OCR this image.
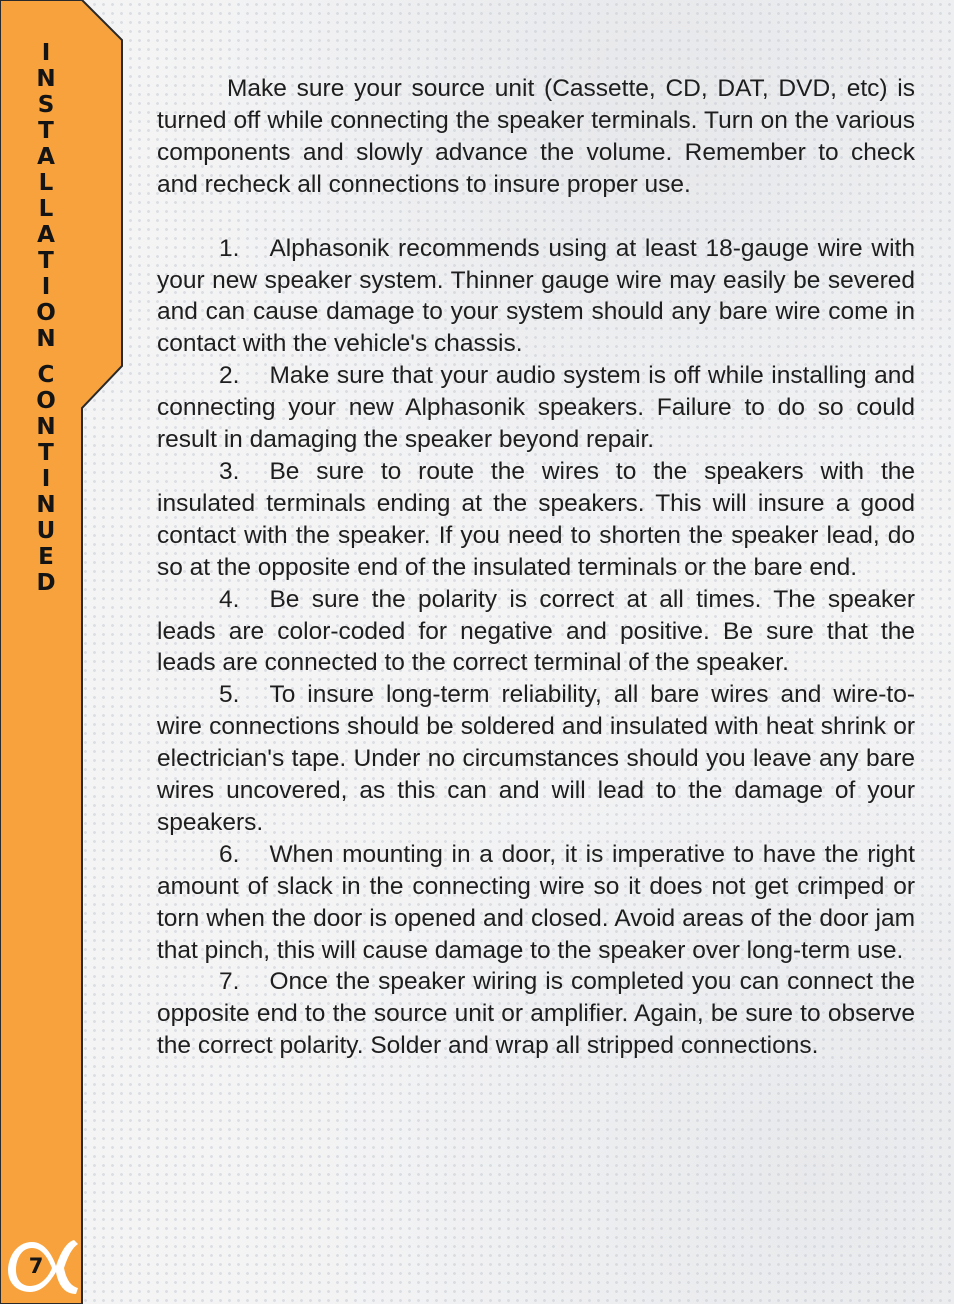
I
N
S
T
A
L
L
A
T
I
O
N
C
O
N
T
I
N
U
E
D
7

Make sure your source unit (Cassette, CD, DAT, DVD, etc) is turned off while connecting the speaker terminals. Turn on the various components and slowly advance the volume. Remember to check and recheck all connections to insure proper use.

1. Alphasonik recommends using at least 18-gauge wire with your new speaker system. Thinner gauge wire may easily be severed and can cause damage to your system should any bare wire come in contact with the vehicle's chassis.

2. Make sure that your audio system is off while installing and connecting your new Alphasonik speakers. Failure to do so could result in damaging the speaker beyond repair.

3. Be sure to route the wires to the speakers with the insulated terminals ending at the speakers. This will insure a good contact with the speaker. If you need to shorten the speaker lead, do so at the opposite end of the insulated terminals or the bare end.

4. Be sure the polarity is correct at all times. The speaker leads are color-coded for negative and positive. Be sure that the leads are connected to the correct terminal of the speaker.

5. To insure long-term reliability, all bare wires and wire-to-wire connections should be soldered and insulated with heat shrink or electrician's tape. Under no circumstances should you leave any bare wires uncovered, as this can and will lead to the damage of your speakers.

6. When mounting in a door, it is imperative to have the right amount of slack in the connecting wire so it does not get crimped or torn when the door is opened and closed. Avoid areas of the door jam that pinch, this will cause damage to the speaker over long-term use.

7. Once the speaker wiring is completed you can connect the opposite end to the source unit or amplifier. Again, be sure to observe the correct polarity. Solder and wrap all stripped connections.
